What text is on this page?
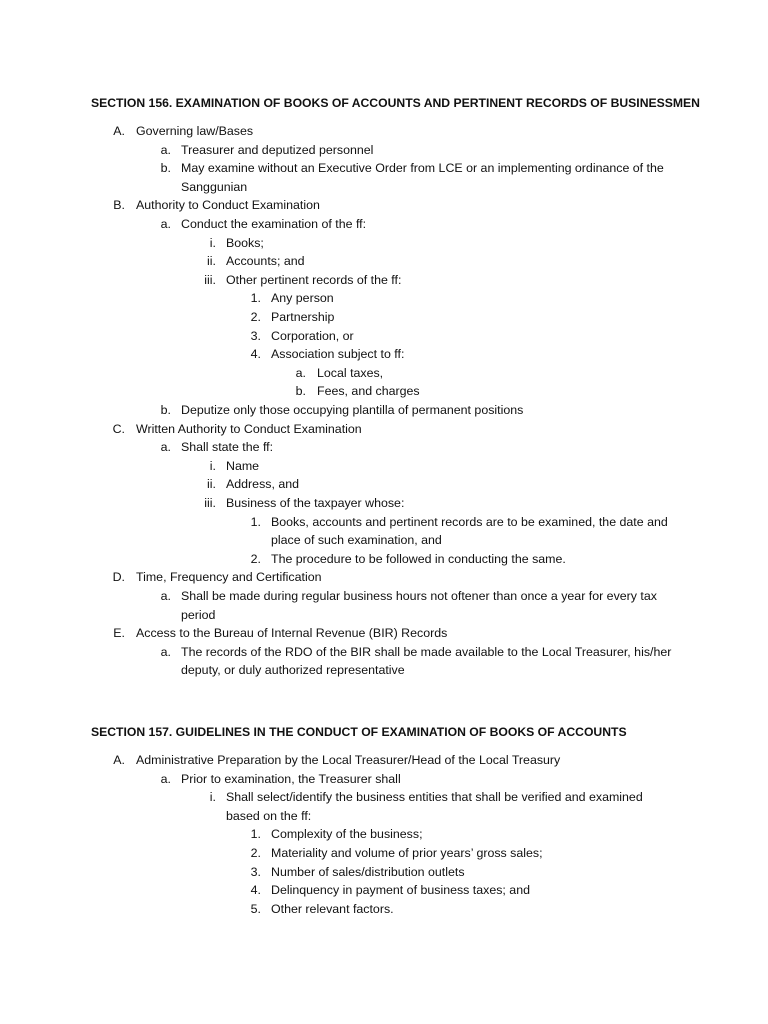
SECTION 156. EXAMINATION OF BOOKS OF ACCOUNTS AND PERTINENT RECORDS OF BUSINESSMEN
A. Governing law/Bases
a. Treasurer and deputized personnel
b. May examine without an Executive Order from LCE or an implementing ordinance of the
Sanggunian
B. Authority to Conduct Examination
a. Conduct the examination of the ff:
i. Books;
ii. Accounts; and
iii. Other pertinent records of the ff:
1. Any person
2. Partnership
3. Corporation, or
4. Association subject to ff:
a. Local taxes,
b. Fees, and charges
b. Deputize only those occupying plantilla of permanent positions
C. Written Authority to Conduct Examination
a. Shall state the ff:
i. Name
ii. Address, and
iii. Business of the taxpayer whose:
1. Books, accounts and pertinent records are to be examined, the date and
place of such examination, and
2. The procedure to be followed in conducting the same.
D. Time, Frequency and Certification
a. Shall be made during regular business hours not oftener than once a year for every tax
period
E. Access to the Bureau of Internal Revenue (BIR) Records
a. The records of the RDO of the BIR shall be made available to the Local Treasurer, his/her
deputy, or duly authorized representative
SECTION 157. GUIDELINES IN THE CONDUCT OF EXAMINATION OF BOOKS OF ACCOUNTS
A. Administrative Preparation by the Local Treasurer/Head of the Local Treasury
a. Prior to examination, the Treasurer shall
i. Shall select/identify the business entities that shall be verified and examined
based on the ff:
1. Complexity of the business;
2. Materiality and volume of prior years’ gross sales;
3. Number of sales/distribution outlets
4. Delinquency in payment of business taxes; and
5. Other relevant factors.
